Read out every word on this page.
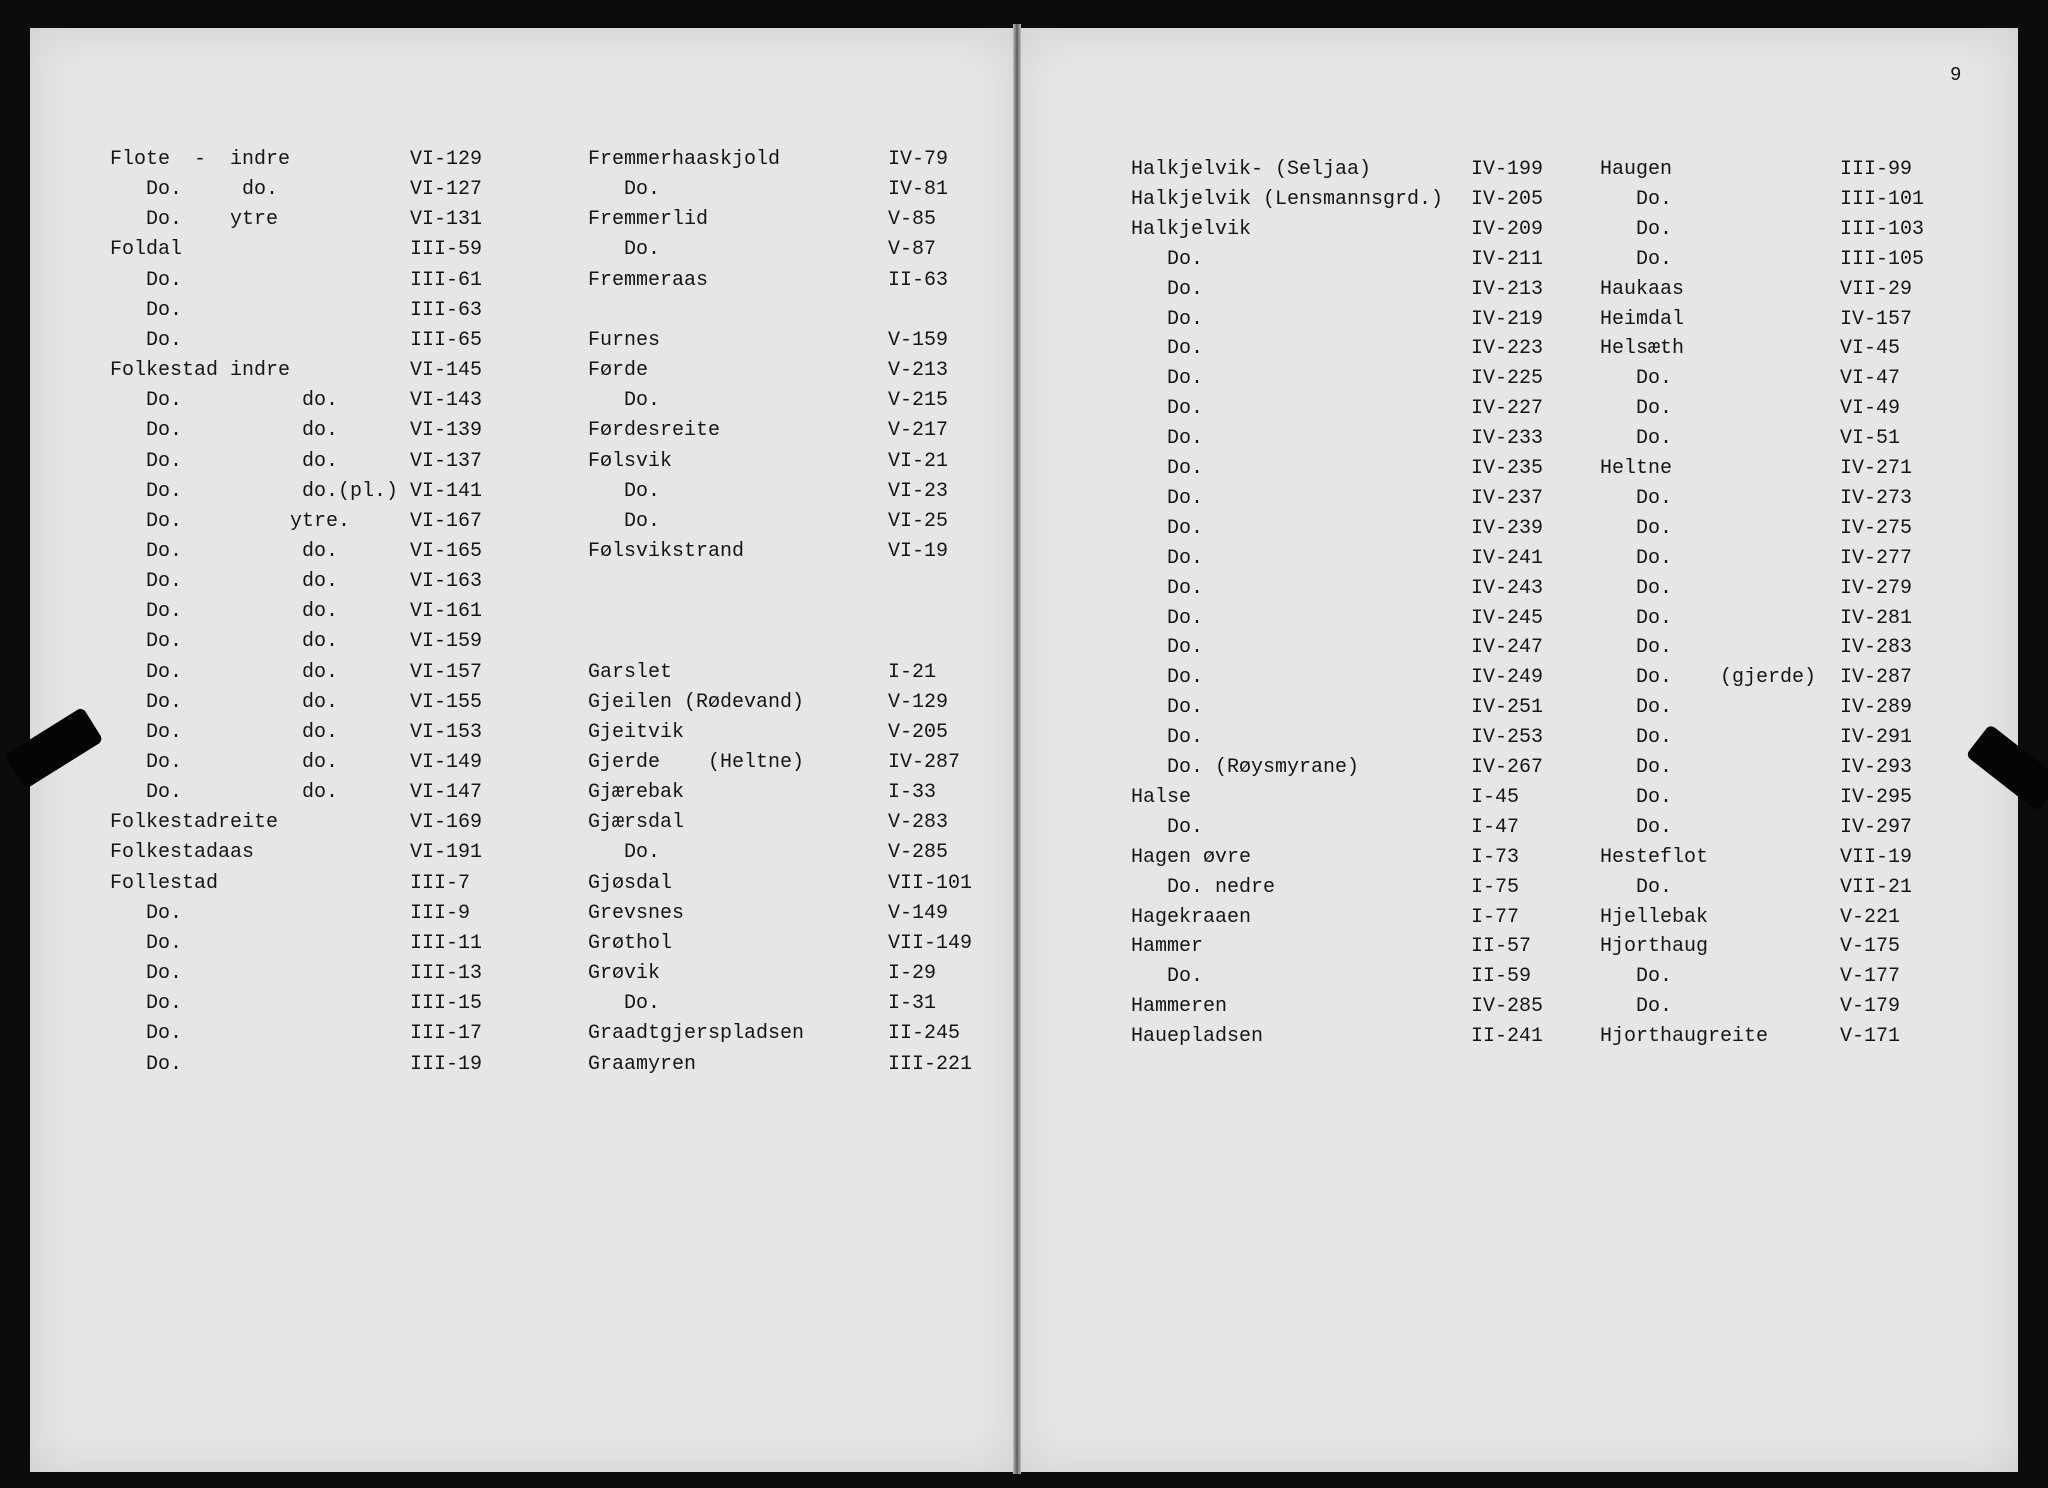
9
Flote  -  indre	VI-129
Do.     do.	VI-127
Do.    ytre	VI-131
Foldal	III-59
Do.	III-61
Do.	III-63
Do.	III-65
Folkestad indre	VI-145
Do.          do.	VI-143
Do.          do.	VI-139
Do.          do.	VI-137
Do.          do.(pl.) VI-141
Do.         ytre.	VI-167
Do.          do.	VI-165
Do.          do.	VI-163
Do.          do.	VI-161
Do.          do.	VI-159
Do.          do.	VI-157
Do.          do.	VI-155
Do.          do.	VI-153
Do.          do.	VI-149
Do.          do.	VI-147
Folkestadreite	VI-169
Folkestadaas	VI-191
Follestad	III-7
Do.	III-9
Do.	III-11
Do.	III-13
Do.	III-15
Do.	III-17
Do.	III-19
Fremmerhaaskjold	IV-79
Do.	IV-81
Fremmerlid	V-85
Do.	V-87
Fremmeraas	II-63
Furnes	V-159
Førde	V-213
Do.	V-215
Førdesreite	V-217
Følsvik	VI-21
Do.	VI-23
Do.	VI-25
Følsvikstrand	VI-19
Garslet	I-21
Gjeilen (Rødevand)	V-129
Gjeitvik	V-205
Gjerde    (Heltne)	IV-287
Gjærebak	I-33
Gjærsdal	V-283
Do.	V-285
Gjøsdal	VII-101
Grevsnes	V-149
Grøthol	VII-149
Grøvik	I-29
Do.	I-31
Graadtgjerspladsen	II-245
Graamyren	III-221
Halkjelvik- (Seljaa)	IV-199
Halkjelvik (Lensmannsgrd.) IV-205
Halkjelvik	IV-209
Do.	IV-211
Do.	IV-213
Do.	IV-219
Do.	IV-223
Do.	IV-225
Do.	IV-227
Do.	IV-233
Do.	IV-235
Do.	IV-237
Do.	IV-239
Do.	IV-241
Do.	IV-243
Do.	IV-245
Do.	IV-247
Do.	IV-249
Do.	IV-251
Do.	IV-253
Do. (Røysmyrane)	IV-267
Halse	I-45
Do.	I-47
Hagen øvre	I-73
Do. nedre	I-75
Hagekraaen	I-77
Hammer	II-57
Do.	II-59
Hammeren	IV-285
Hauepladsen	II-241
Haugen	III-99
Do.	III-101
Do.	III-103
Do.	III-105
Haukaas	VII-29
Heimdal	IV-157
Helsæth	VI-45
Do.	VI-47
Do.	VI-49
Do.	VI-51
Heltne	IV-271
Do.	IV-273
Do.	IV-275
Do.	IV-277
Do.	IV-279
Do.	IV-281
Do.	IV-283
Do.    (gjerde) IV-287
Do.	IV-289
Do.	IV-291
Do.	IV-293
Do.	IV-295
Do.	IV-297
Hesteflot	VII-19
Do.	VII-21
Hjellebak	V-221
Hjorthaug	V-175
Do.	V-177
Do.	V-179
Hjorthaugreite	V-171
